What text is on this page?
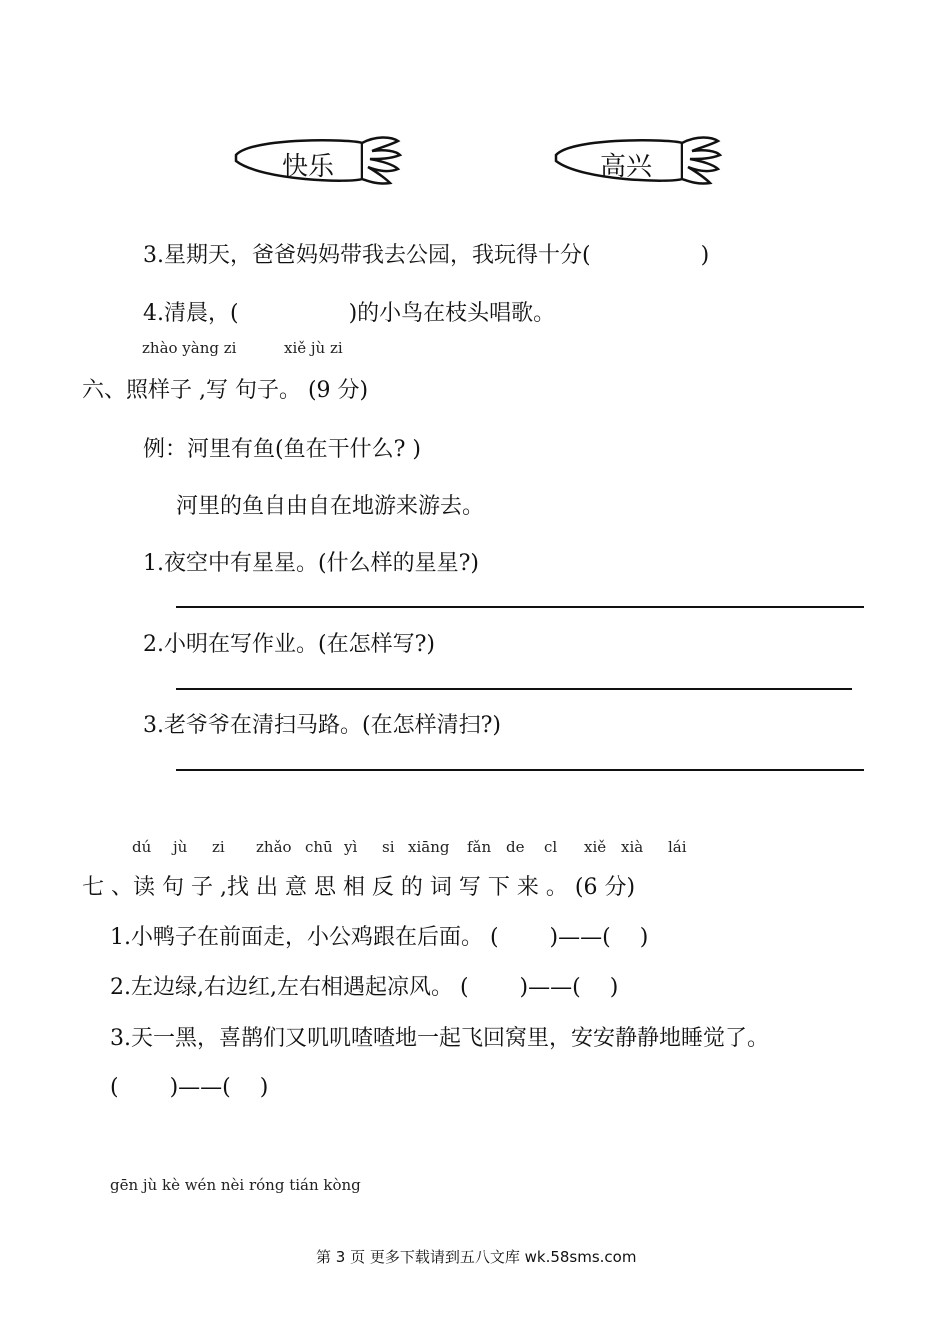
快乐	高兴
3.星期天，爸爸妈妈带我去公园，我玩得十分(　　　　　)
4.清晨，(　　　　　)的小鸟在枝头唱歌。
zhào yàng zi	xiě jù zi
六、照样子 ,写 句子。 (9 分)
例：河里有鱼(鱼在干什么? )
河里的鱼自由自在地游来游去。
1.夜空中有星星。(什么样的星星?)
2.小明在写作业。(在怎样写?)
3.老爷爷在清扫马路。(在怎样清扫?)
dú jù zi zhǎo chū yì si xiāng fǎn de cl xiě xià lái
七 、读 句 子 ,找 出 意 思 相 反 的 词 写 下 来 。 (6 分)
1.小鸭子在前面走，小公鸡跟在后面。 (　　 )——(　 )
2.左边绿,右边红,左右相遇起凉风。 (　　 )——(　 )
3.天一黑，喜鹊们又叽叽喳喳地一起飞回窝里，安安静静地睡觉了。
(　　 )——(　 )
gēn jù kè wén nèi róng tián kòng
第 3 页 更多下载请到五八文库 wk.58sms.com
